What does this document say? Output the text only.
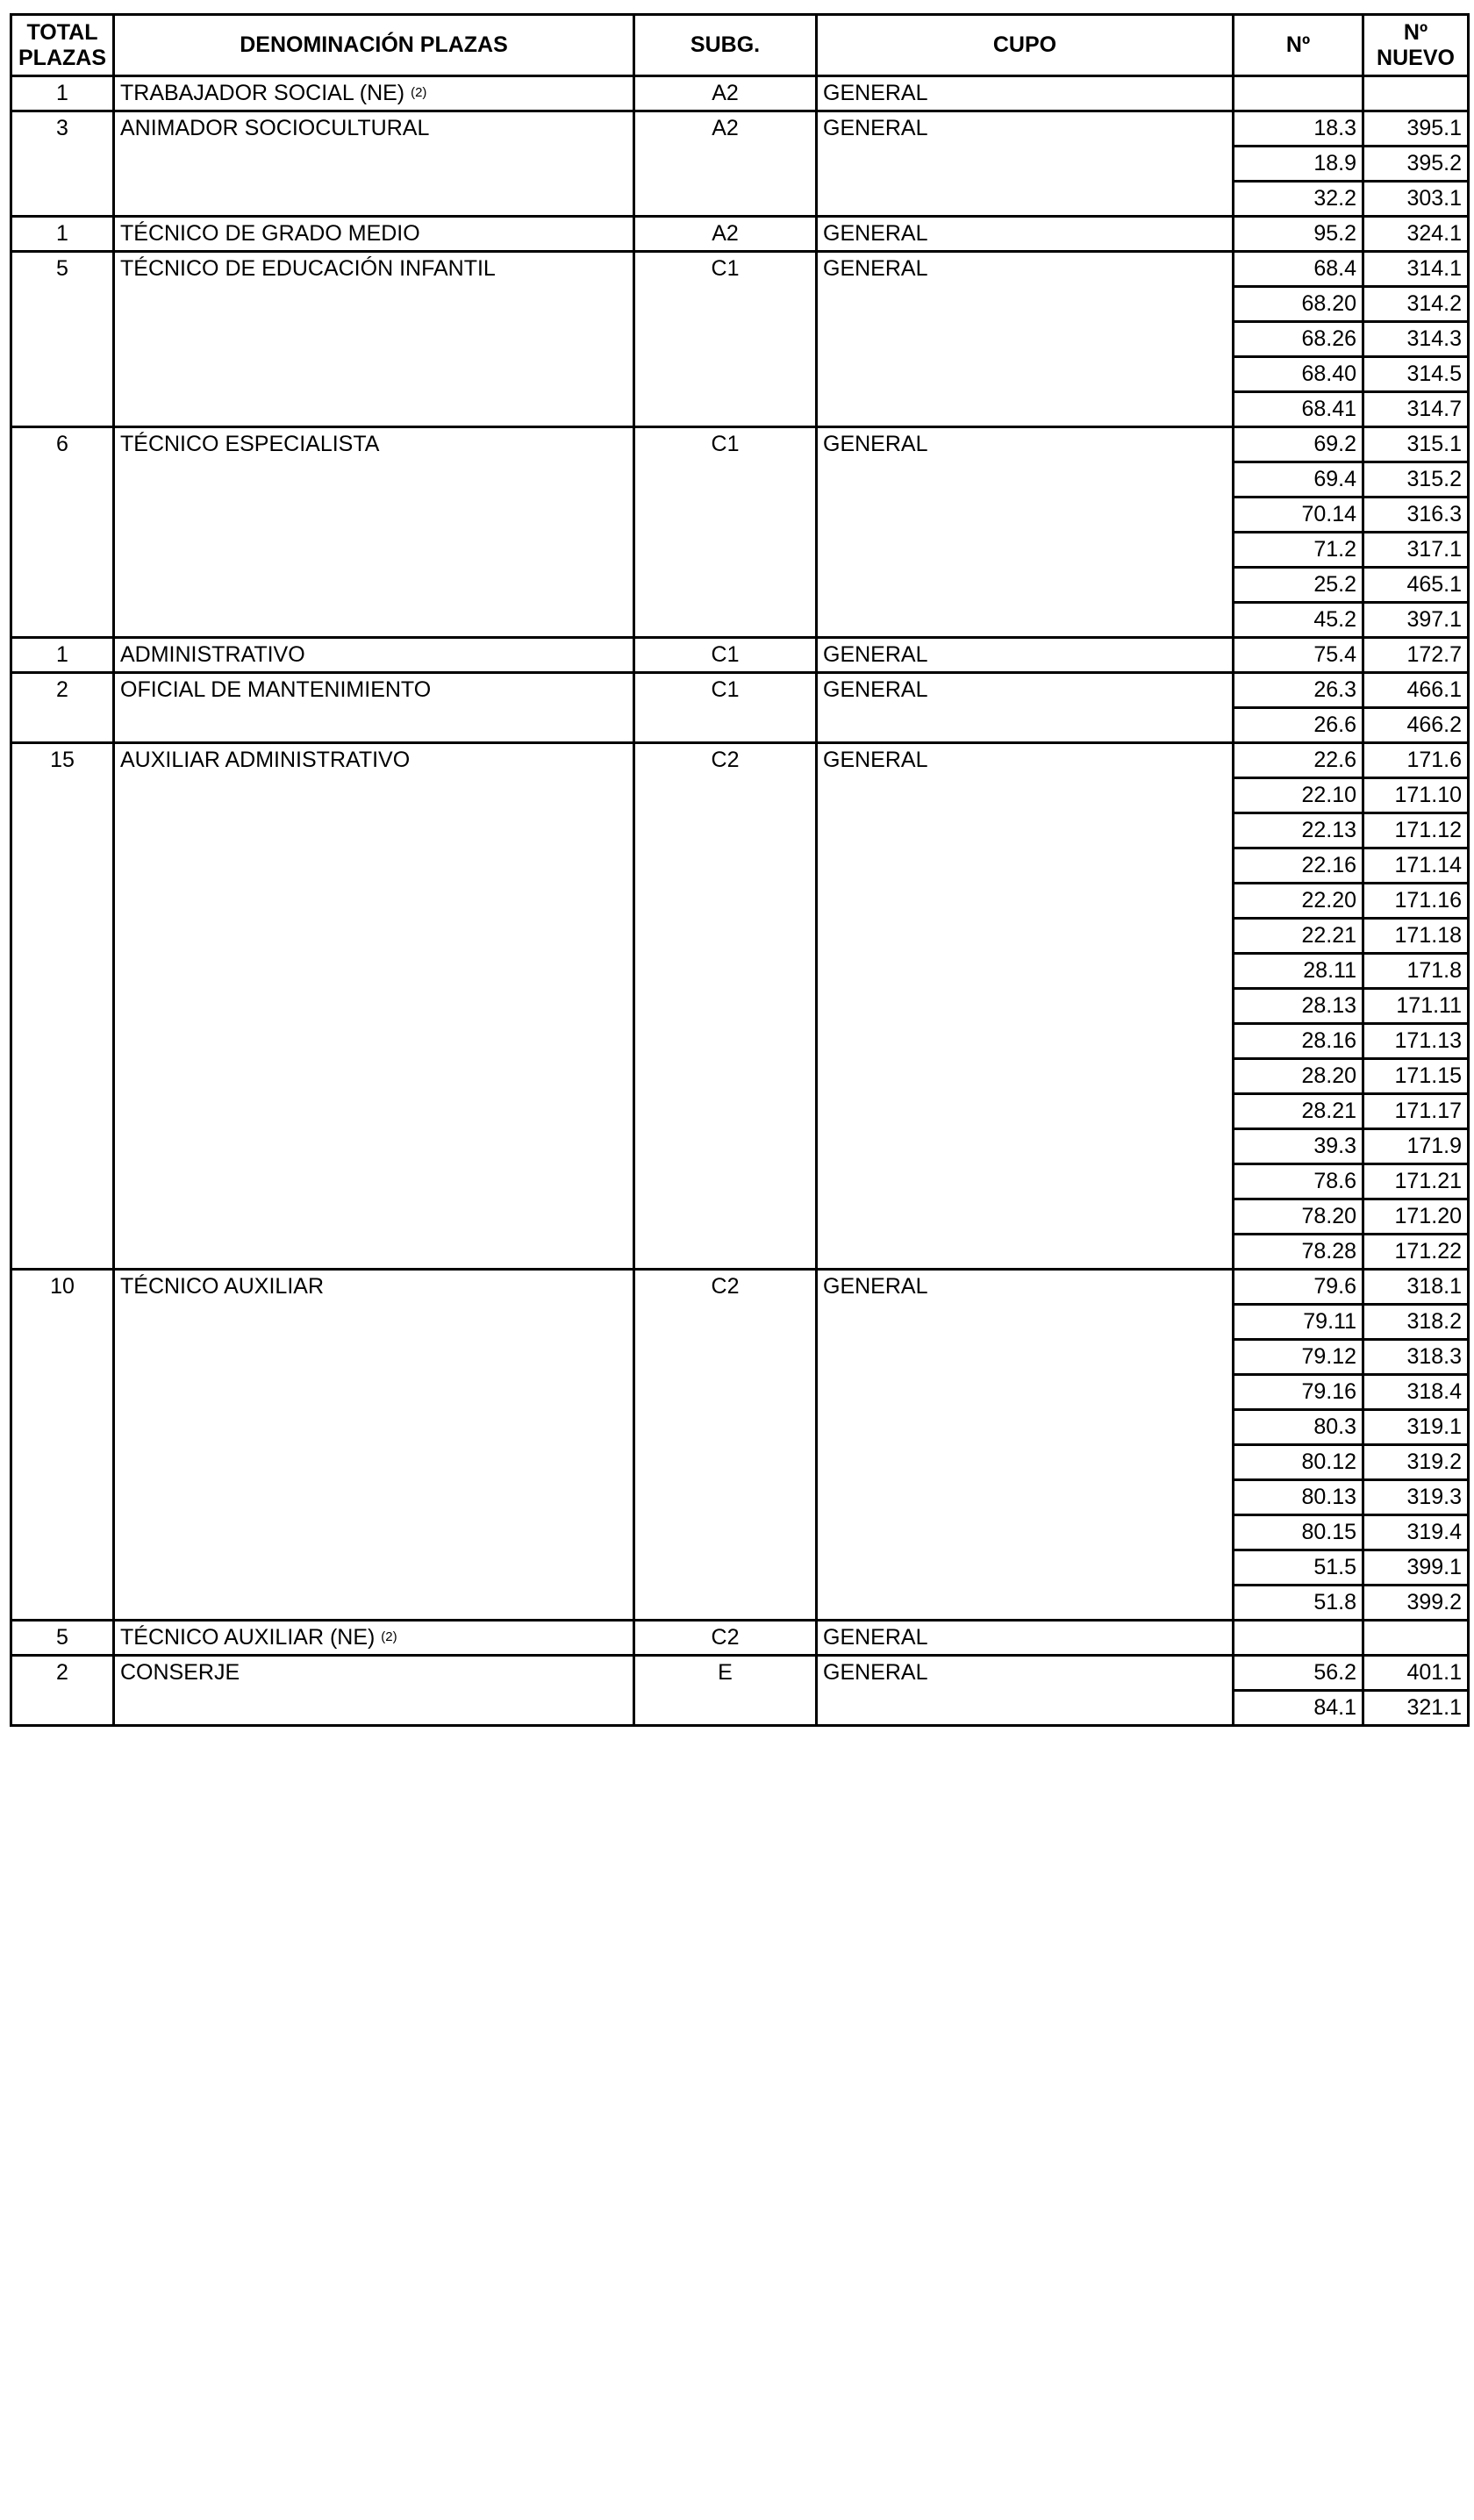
TOTAL PLAZAS	DENOMINACIÓN PLAZAS	SUBG.	CUPO	Nº	Nº NUEVO
1	TRABAJADOR SOCIAL (NE) $^{(2)}$	A2	GENERAL		
3	ANIMADOR SOCIOCULTURAL	A2	GENERAL	18.3	395.1
				18.9	395.2
				32.2	303.1
1	TÉCNICO DE GRADO MEDIO	A2	GENERAL	95.2	324.1
5	TÉCNICO DE EDUCACIÓN INFANTIL	C1	GENERAL	68.4	314.1
				68.20	314.2
				68.26	314.3
				68.40	314.5
				68.41	314.7
6	TÉCNICO ESPECIALISTA	C1	GENERAL	69.2	315.1
				69.4	315.2
				70.14	316.3
				71.2	317.1
				25.2	465.1
				45.2	397.1
1	ADMINISTRATIVO	C1	GENERAL	75.4	172.7
2	OFICIAL DE MANTENIMIENTO	C1	GENERAL	26.3	466.1
				26.6	466.2
15	AUXILIAR ADMINISTRATIVO	C2	GENERAL	22.6	171.6
				22.10	171.10
				22.13	171.12
				22.16	171.14
				22.20	171.16
				22.21	171.18
				28.11	171.8
				28.13	171.11
				28.16	171.13
				28.20	171.15
				28.21	171.17
				39.3	171.9
				78.6	171.21
				78.20	171.20
				78.28	171.22
10	TÉCNICO AUXILIAR	C2	GENERAL	79.6	318.1
				79.11	318.2
				79.12	318.3
				79.16	318.4
				80.3	319.1
				80.12	319.2
				80.13	319.3
				80.15	319.4
				51.5	399.1
				51.8	399.2
5	TÉCNICO AUXILIAR (NE) $^{(2)}$	C2	GENERAL		
2	CONSERJE	E	GENERAL	56.2	401.1
				84.1	321.1
